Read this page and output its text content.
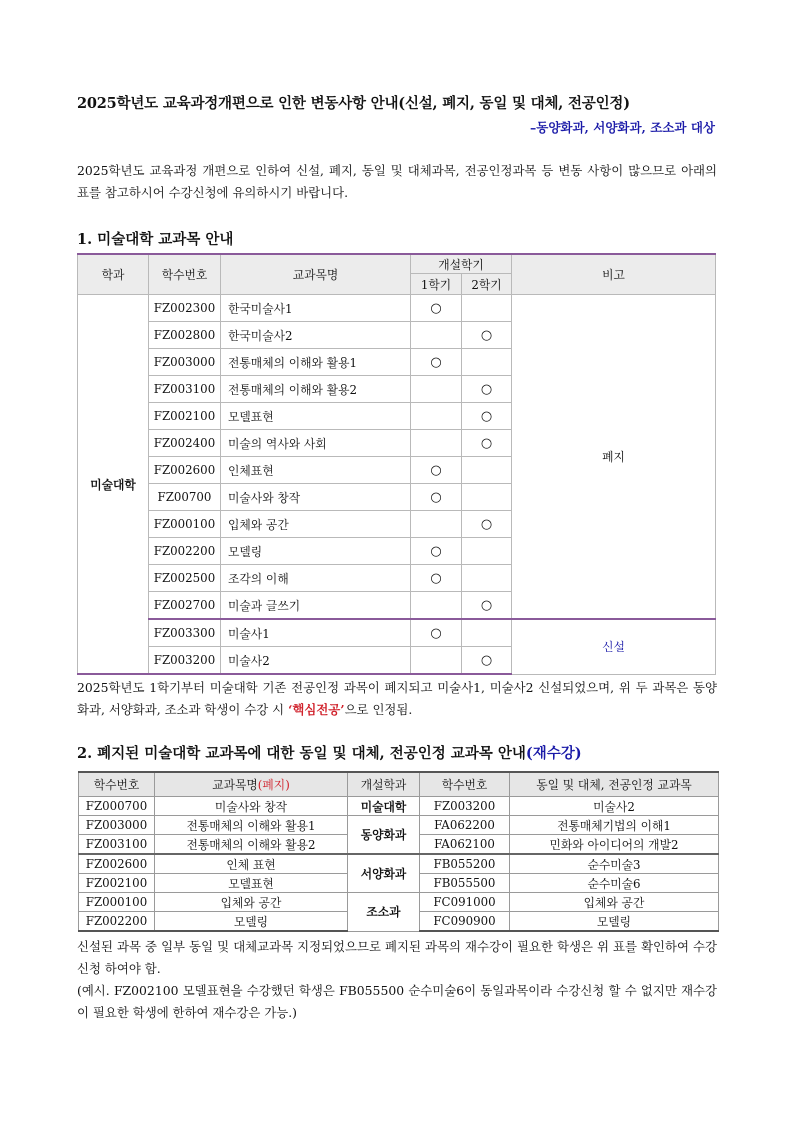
2025학년도 교육과정개편으로 인한 변동사항 안내(신설, 폐지, 동일 및 대체, 전공인정)
–동양화과, 서양화과, 조소과 대상
2025학년도 교육과정 개편으로 인하여 신설, 폐지, 동일 및 대체과목, 전공인정과목 등 변동 사항이 많으므로 아래의 표를 참고하시어 수강신청에 유의하시기 바랍니다.
1. 미술대학 교과목 안내
학과	학수번호	교과목명	개설학기		비고
			1학기	2학기	
미술대학	FZ002300	한국미술사1	○		폐지
	FZ002800	한국미술사2		○	
	FZ003000	전통매체의 이해와 활용1	○		
	FZ003100	전통매체의 이해와 활용2		○	
	FZ002100	모델표현		○	
	FZ002400	미술의 역사와 사회		○	
	FZ002600	인체표현	○		
	FZ00700	미술사와 창작	○		
	FZ000100	입체와 공간		○	
	FZ002200	모델링	○		
	FZ002500	조각의 이해	○		
	FZ002700	미술과 글쓰기		○	
	FZ003300	미술사1	○		신설
	FZ003200	미술사2		○	
2025학년도 1학기부터 미술대학 기존 전공인정 과목이 폐지되고 미술사1, 미술사2 신설되었으며, 위 두 과목은 동양화과, 서양화과, 조소과 학생이 수강 시 ‘핵심전공’으로 인정됨.
2. 폐지된 미술대학 교과목에 대한 동일 및 대체, 전공인정 교과목 안내(재수강)
학수번호	교과목명(폐지)	개설학과	학수번호	동일 및 대체, 전공인정 교과목
FZ000700	미술사와 창작	미술대학	FZ003200	미술사2
FZ003000	전통매체의 이해와 활용1	동양화과	FA062200	전통매체기법의 이해1
FZ003100	전통매체의 이해와 활용2		FA062100	민화와 아이디어의 개발2
FZ002600	인체 표현	서양화과	FB055200	순수미술3
FZ002100	모델표현		FB055500	순수미술6
FZ000100	입체와 공간	조소과	FC091000	입체와 공간
FZ002200	모델링		FC090900	모델링
신설된 과목 중 일부 동일 및 대체교과목 지정되었으므로 폐지된 과목의 재수강이 필요한 학생은 위 표를 확인하여 수강신청 하여야 함.
(예시. FZ002100 모델표현을 수강했던 학생은 FB055500 순수미술6이 동일과목이라 수강신청 할 수 없지만 재수강이 필요한 학생에 한하여 재수강은 가능.)
